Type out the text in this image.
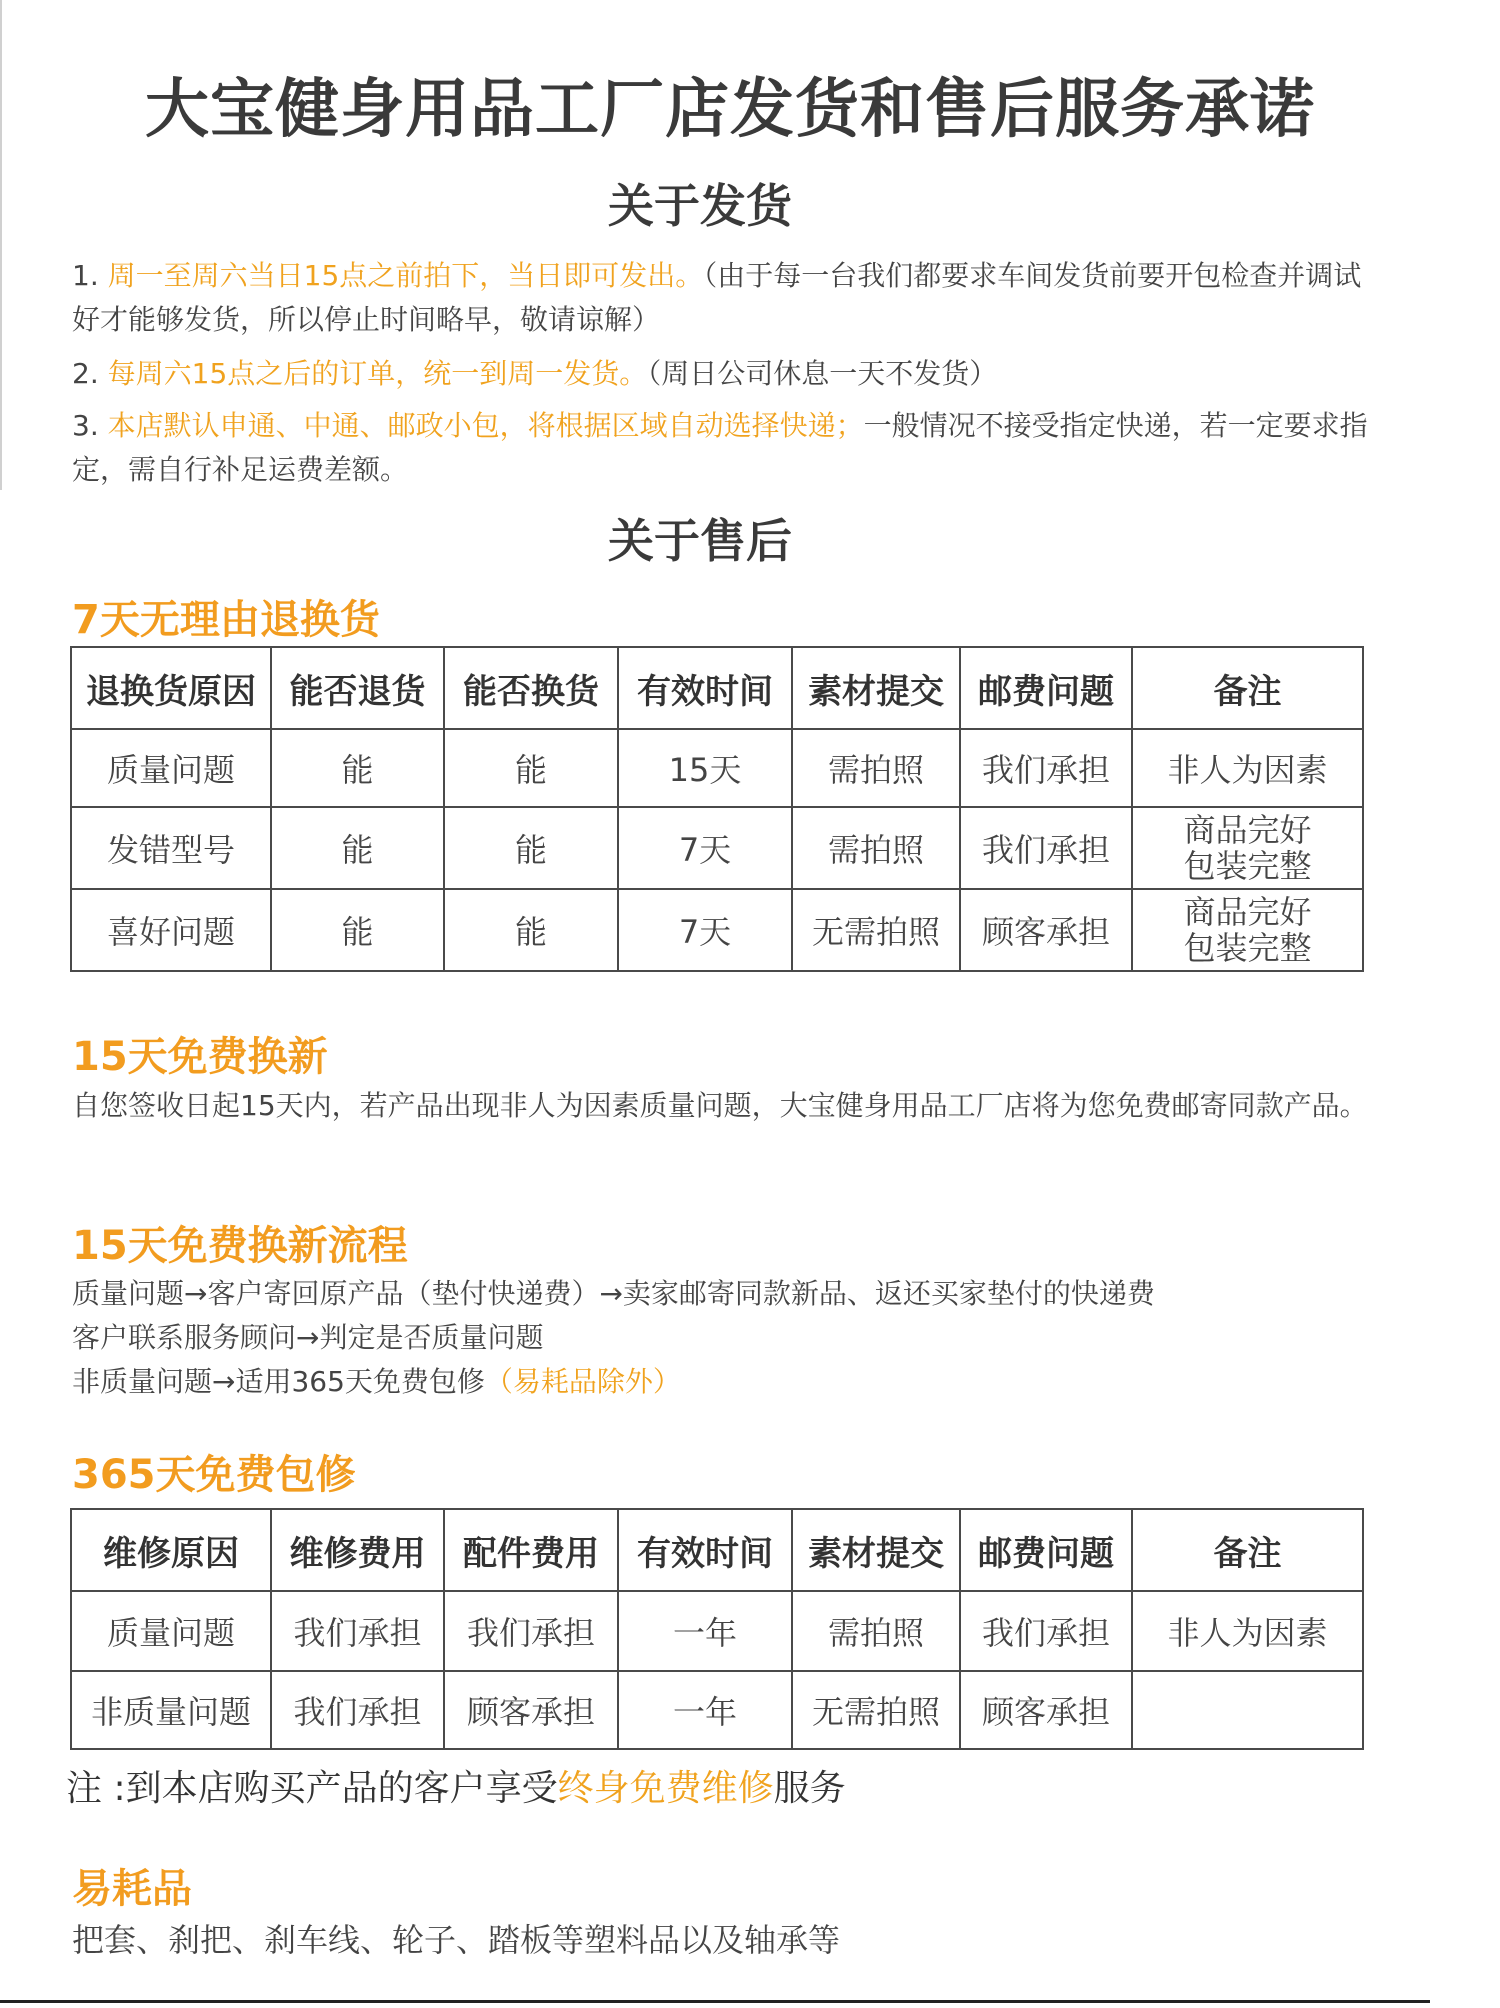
大宝健身用品工厂店发货和售后服务承诺
关于发货

1. 周一至周六当日15点之前拍下，当日即可发出。（由于每一台我们都要求车间发货前要开包检查并调试好才能够发货，所以停止时间略早，敬请谅解）

2. 每周六15点之后的订单，统一到周一发货。（周日公司休息一天不发货）

3. 本店默认申通、中通、邮政小包，将根据区域自动选择快递；一般情况不接受指定快递，若一定要求指定，需自行补足运费差额。

关于售后
7天无理由退换货
退换货原因	能否退货	能否换货	有效时间	素材提交	邮费问题	备注
质量问题	能	能	15天	需拍照	我们承担	非人为因素
发错型号	能	能	7天	需拍照	我们承担	商品完好
包装完整
喜好问题	能	能	7天	无需拍照	顾客承担	商品完好
包装完整
15天免费换新

自您签收日起15天内，若产品出现非人为因素质量问题，大宝健身用品工厂店将为您免费邮寄同款产品。

15天免费换新流程

质量问题→客户寄回原产品（垫付快递费）→卖家邮寄同款新品、返还买家垫付的快递费

客户联系服务顾问→判定是否质量问题

非质量问题→适用365天免费包修（易耗品除外）

365天免费包修
维修原因	维修费用	配件费用	有效时间	素材提交	邮费问题	备注
质量问题	我们承担	我们承担	一年	需拍照	我们承担	非人为因素
非质量问题	我们承担	顾客承担	一年	无需拍照	顾客承担	

注 :到本店购买产品的客户享受终身免费维修服务

易耗品

把套、刹把、刹车线、轮子、踏板等塑料品以及轴承等
